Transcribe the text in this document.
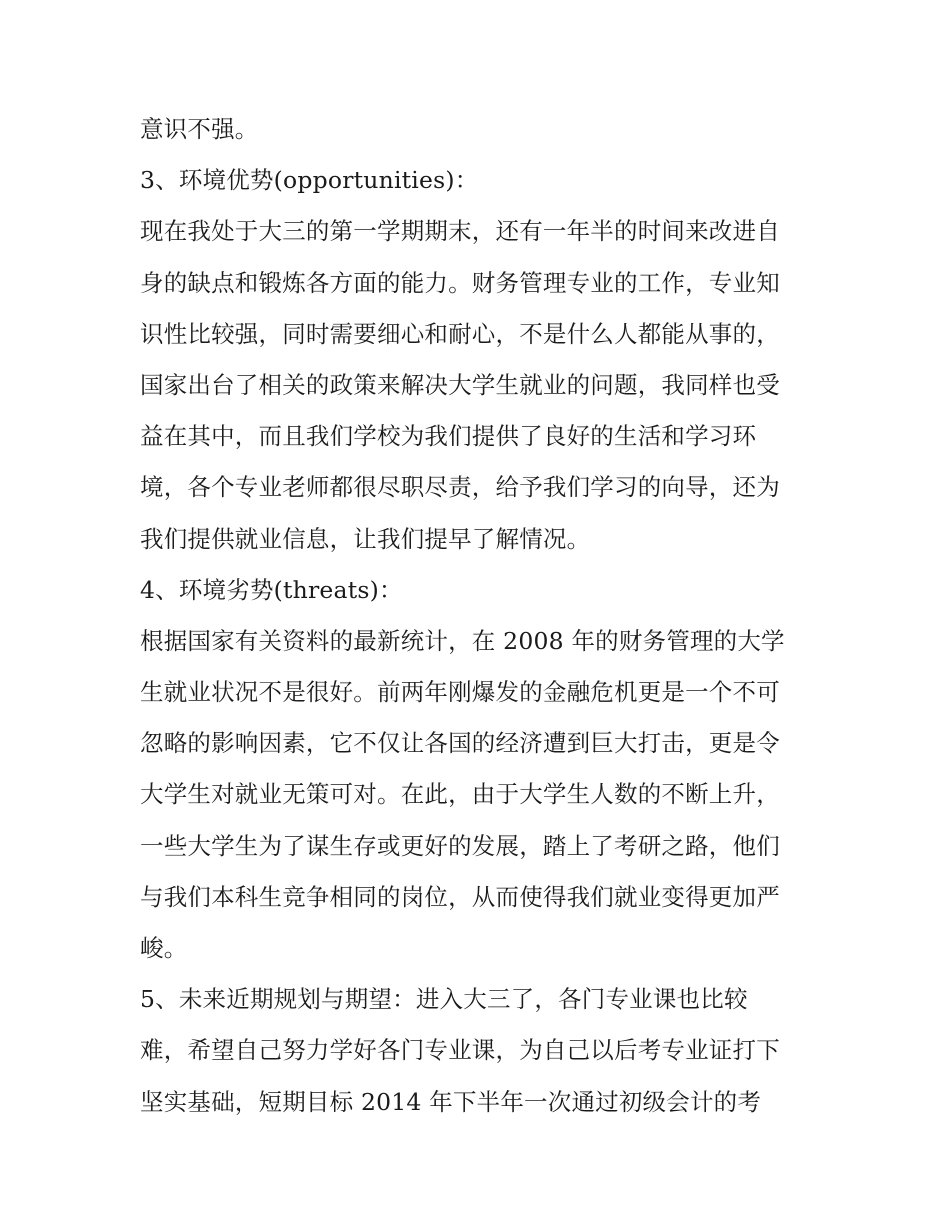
意识不强。
3、环境优势(opportunities)：
现在我处于大三的第一学期期末，还有一年半的时间来改进自
身的缺点和锻炼各方面的能力。财务管理专业的工作，专业知
识性比较强，同时需要细心和耐心，不是什么人都能从事的，
国家出台了相关的政策来解决大学生就业的问题，我同样也受
益在其中，而且我们学校为我们提供了良好的生活和学习环
境，各个专业老师都很尽职尽责，给予我们学习的向导，还为
我们提供就业信息，让我们提早了解情况。
4、环境劣势(threats)：
根据国家有关资料的最新统计，在 2008 年的财务管理的大学
生就业状况不是很好。前两年刚爆发的金融危机更是一个不可
忽略的影响因素，它不仅让各国的经济遭到巨大打击，更是令
大学生对就业无策可对。在此，由于大学生人数的不断上升，
一些大学生为了谋生存或更好的发展，踏上了考研之路，他们
与我们本科生竞争相同的岗位，从而使得我们就业变得更加严
峻。
5、未来近期规划与期望：进入大三了，各门专业课也比较
难，希望自己努力学好各门专业课，为自己以后考专业证打下
坚实基础，短期目标 2014 年下半年一次通过初级会计的考
